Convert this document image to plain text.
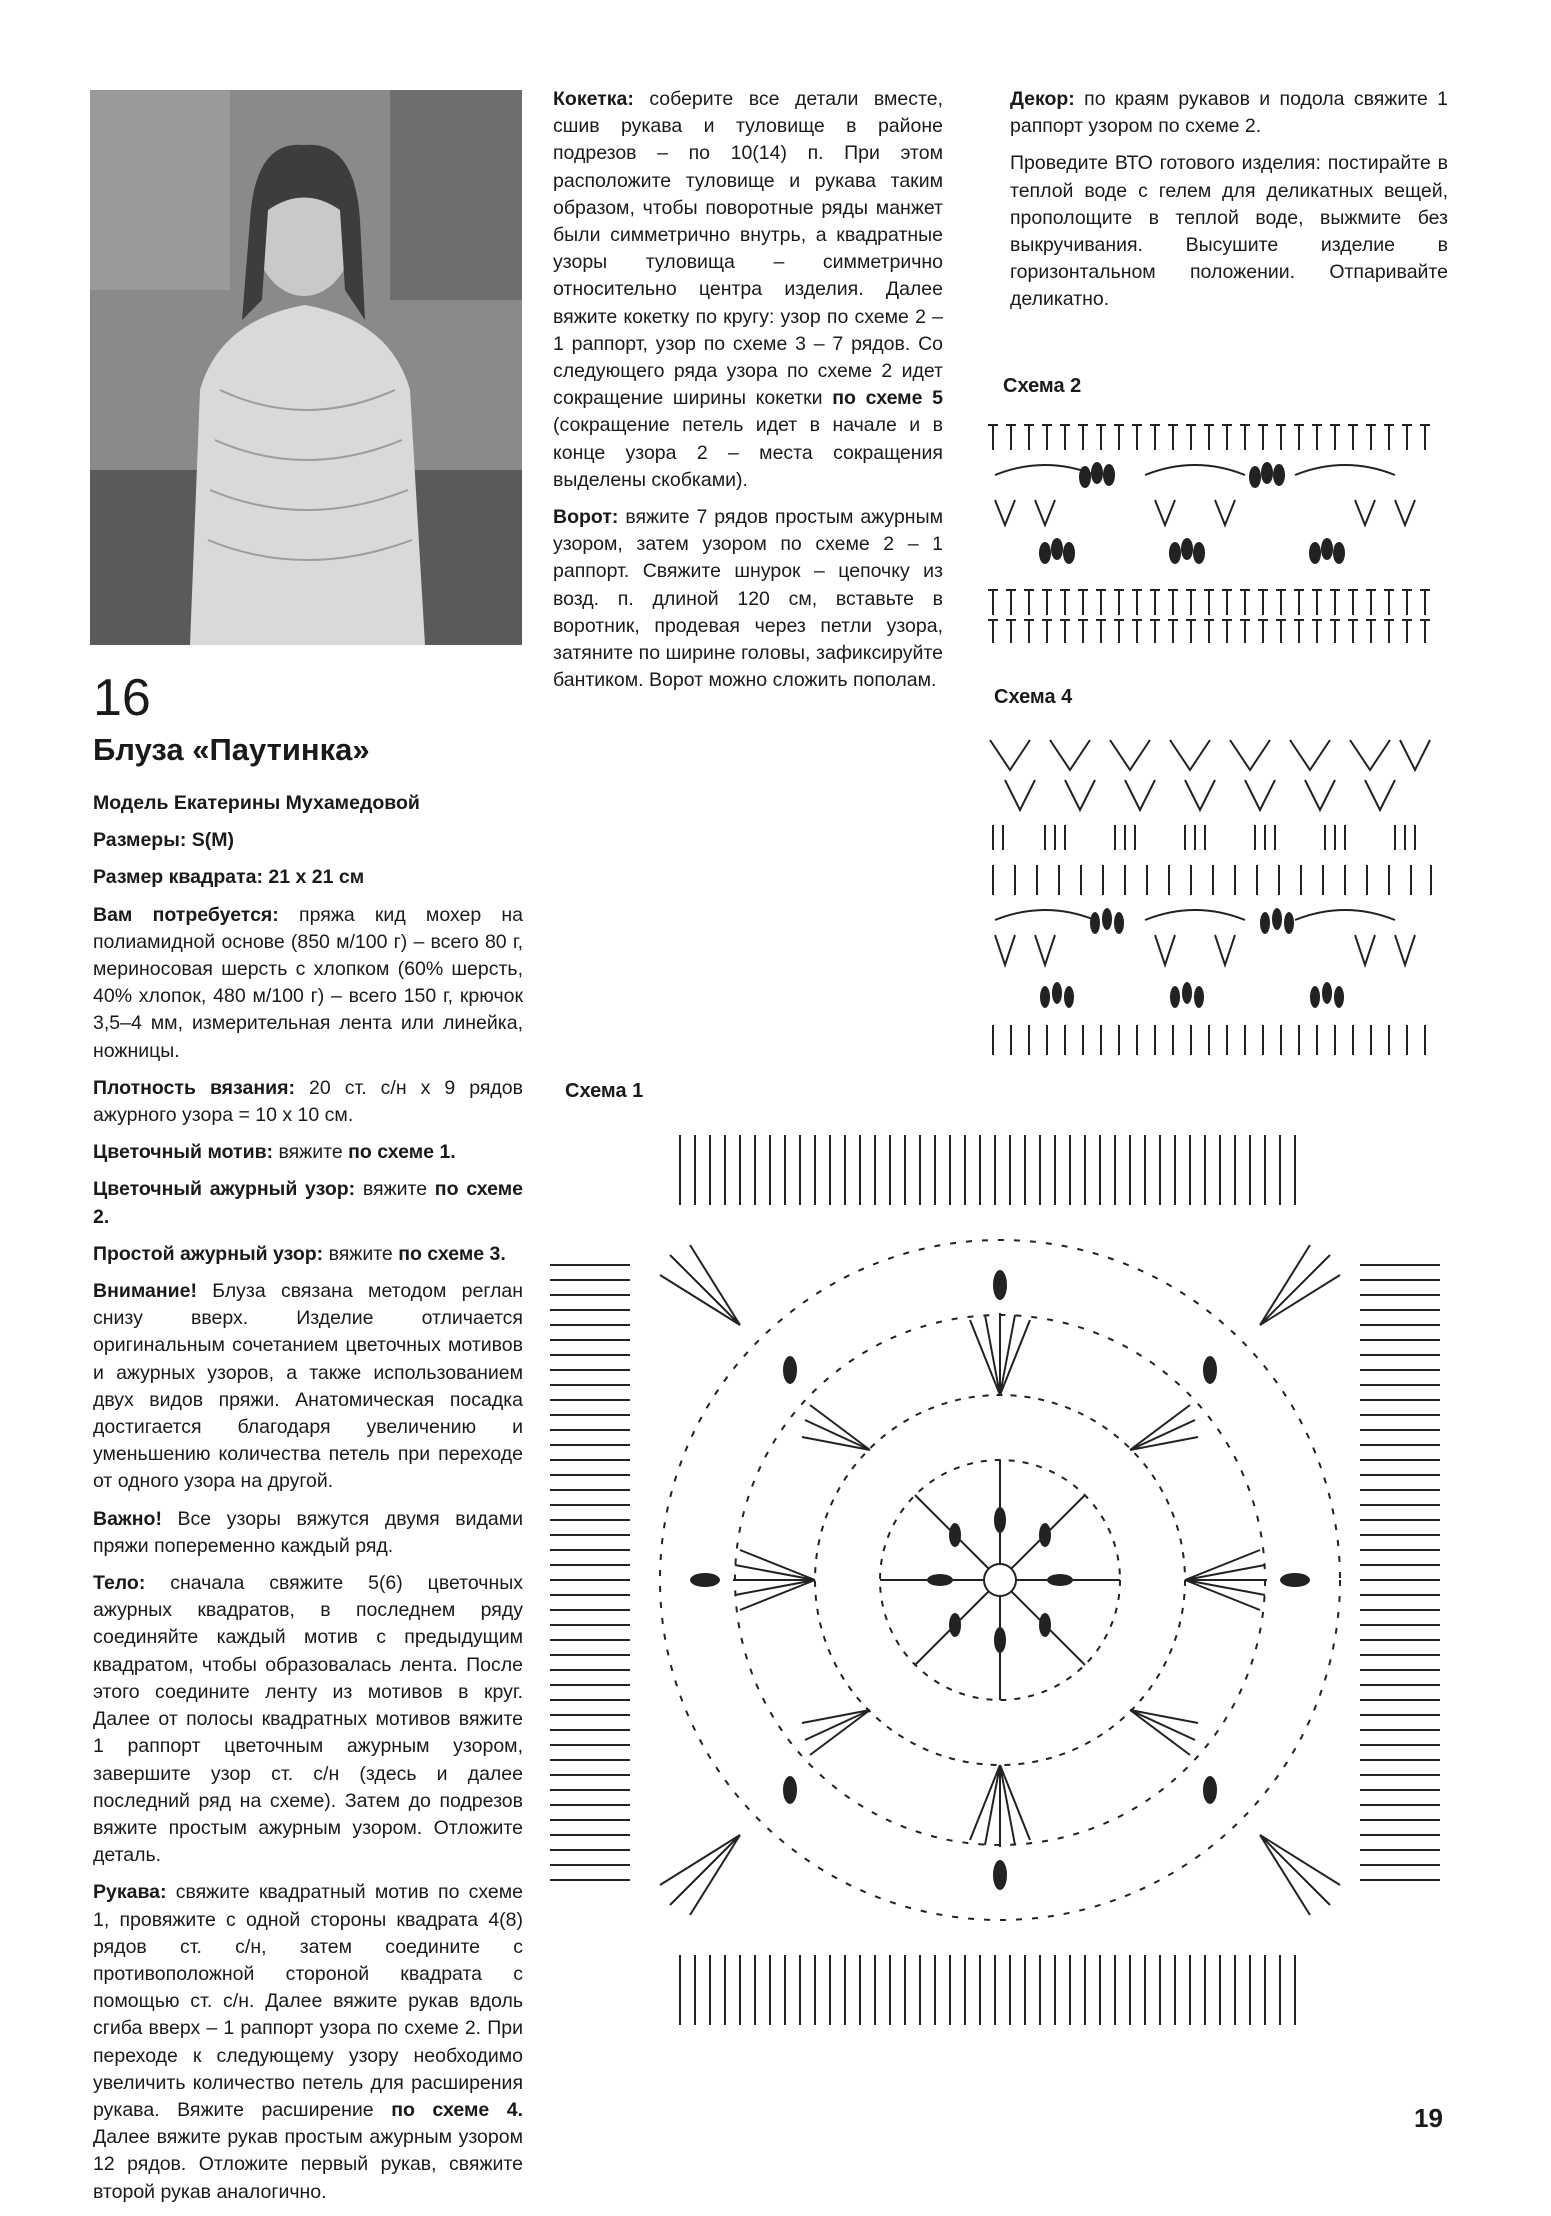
16
Блуза «Паутинка»

Модель Екатерины Мухамедовой

Размеры: S(M)

Размер квадрата: 21 х 21 см

Вам потребуется: пряжа кид мохер на полиамидной основе (850 м/100 г) – всего 80 г, мериносовая шерсть с хлопком (60% шерсть, 40% хлопок, 480 м/100 г) – всего 150 г, крючок 3,5–4 мм, измерительная лента или линейка, ножницы.

Плотность вязания: 20 ст. с/н х 9 рядов ажурного узора = 10 х 10 см.

Цветочный мотив: вяжите по схеме 1.

Цветочный ажурный узор: вяжите по схеме 2.

Простой ажурный узор: вяжите по схеме 3.

Внимание! Блуза связана методом реглан снизу вверх. Изделие отличается оригинальным сочетанием цветочных мотивов и ажурных узоров, а также использованием двух видов пряжи. Анатомическая посадка достигается благодаря увеличению и уменьшению количества петель при переходе от одного узора на другой.

Важно! Все узоры вяжутся двумя видами пряжи попеременно каждый ряд.

Тело: сначала свяжите 5(6) цветочных ажурных квадратов, в последнем ряду соединяйте каждый мотив с предыдущим квадратом, чтобы образовалась лента. После этого соедините ленту из мотивов в круг. Далее от полосы квадратных мотивов вяжите 1 раппорт цветочным ажурным узором, завершите узор ст. с/н (здесь и далее последний ряд на схеме). Затем до подрезов вяжите простым ажурным узором. Отложите деталь.

Рукава: свяжите квадратный мотив по схеме 1, провяжите с одной стороны квадрата 4(8) рядов ст. с/н, затем соедините с противоположной стороной квадрата с помощью ст. с/н. Далее вяжите рукав вдоль сгиба вверх – 1 раппорт узора по схеме 2. При переходе к следующему узору необходимо увеличить количество петель для расширения рукава. Вяжите расширение по схеме 4. Далее вяжите рукав простым ажурным узором 12 рядов. Отложите первый рукав, свяжите второй рукав аналогично.

Кокетка: соберите все детали вместе, сшив рукава и туловище в районе подрезов – по 10(14) п. При этом расположите туловище и рукава таким образом, чтобы поворотные ряды манжет были симметрично внутрь, а квадратные узоры туловища – симметрично относительно центра изделия. Далее вяжите кокетку по кругу: узор по схеме 2 – 1 раппорт, узор по схеме 3 – 7 рядов. Со следующего ряда узора по схеме 2 идет сокращение ширины кокетки по схеме 5 (сокращение петель идет в начале и в конце узора 2 – места сокращения выделены скобками).

Ворот: вяжите 7 рядов простым ажурным узором, затем узором по схеме 2 – 1 раппорт. Свяжите шнурок – цепочку из возд. п. длиной 120 см, вставьте в воротник, продевая через петли узора, затяните по ширине головы, зафиксируйте бантиком. Ворот можно сложить пополам.

Декор: по краям рукавов и подола свяжите 1 раппорт узором по схеме 2.

Проведите ВТО готового изделия: постирайте в теплой воде с гелем для деликатных вещей, прополощите в теплой воде, выжмите без выкручивания. Высушите изделие в горизонтальном положении. Отпаривайте деликатно.

Схема 2
Схема 4
Схема 1
19
